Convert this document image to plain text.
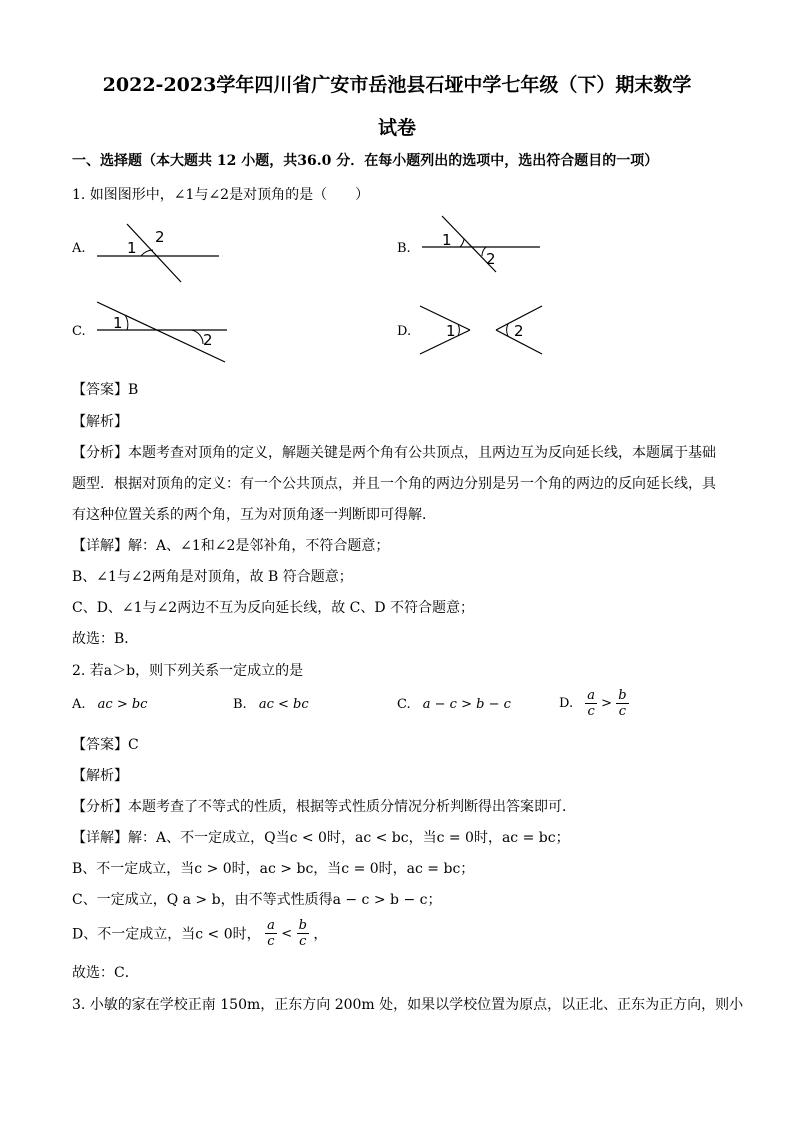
2022-2023学年四川省广安市岳池县石垭中学七年级（下）期末数学
试卷
一、选择题（本大题共 12 小题，共36.0 分．在每小题列出的选项中，选出符合题目的一项）
1. 如图图形中，∠1与∠2是对顶角的是（　　）
A.	1
2
B. 1
2
C. 1
2	D. 1	2
【答案】B
【解析】
【分析】本题考查对顶角的定义，解题关键是两个角有公共顶点，且两边互为反向延长线，本题属于基础
题型．根据对顶角的定义：有一个公共顶点，并且一个角的两边分别是另一个角的两边的反向延长线，具
有这种位置关系的两个角，互为对顶角逐一判断即可得解．
【详解】解：A、∠1和∠2是邻补角，不符合题意；
B、∠1与∠2两角是对顶角，故 B 符合题意；
C、D、∠1与∠2两边不互为反向延长线，故 C、D 不符合题意；
故选：B．
2. 若a＞b，则下列关系一定成立的是
A. ac > bc	B. ac < bc	C. a − c > b − c	D. $\frac{a}{c} > \frac{b}{c}$
【答案】C
【解析】
【分析】本题考查了不等式的性质，根据等式性质分情况分析判断得出答案即可．
【详解】解：A、不一定成立，Q当c < 0时，ac < bc，当c = 0时，ac = bc；
B、不一定成立，当c > 0时，ac > bc，当c = 0时，ac = bc；
C、一定成立，Q a > b，由不等式性质得a − c > b − c；
D、不一定成立，当c < 0时， $\frac{a}{c} < \frac{b}{c}$ ，
故选：C．
3. 小敏的家在学校正南 150m，正东方向 200m 处，如果以学校位置为原点，以正北、正东为正方向，则小
